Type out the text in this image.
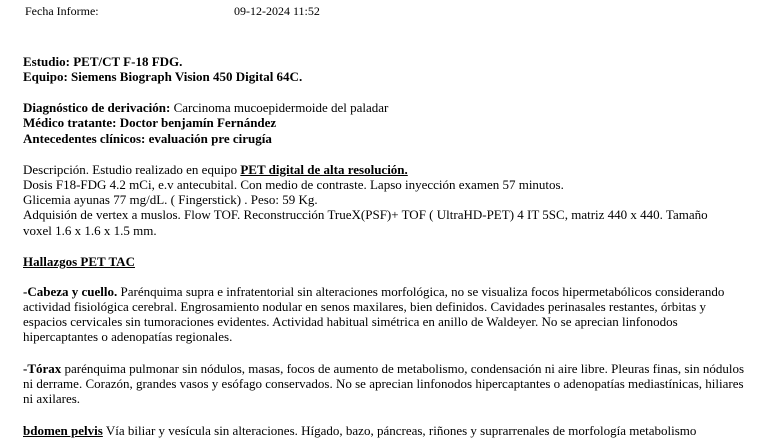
Fecha Informe:	09-12-2024 11:52
Estudio: PET/CT F-18 FDG.
Equipo: Siemens Biograph Vision 450 Digital 64C.
Diagnóstico de derivación: Carcinoma mucoepidermoide del paladar
Médico tratante: Doctor benjamín Fernández
Antecedentes clínicos: evaluación pre cirugía
Descripción. Estudio realizado en equipo PET digital de alta resolución.
Dosis F18-FDG 4.2 mCi, e.v antecubital. Con medio de contraste. Lapso inyección examen 57 minutos.
Glicemia ayunas 77 mg/dL. ( Fingerstick) . Peso: 59 Kg.
Adquisión de vertex a muslos. Flow TOF. Reconstrucción TrueX(PSF)+ TOF ( UltraHD-PET) 4 IT 5SC, matriz 440 x 440. Tamaño
voxel 1.6 x 1.6 x 1.5 mm.
Hallazgos PET TAC
-Cabeza y cuello. Parénquima supra e infratentorial sin alteraciones morfológica, no se visualiza focos hipermetabólicos considerando actividad fisiológica cerebral. Engrosamiento nodular en senos maxilares, bien definidos. Cavidades perinasales restantes, órbitas y espacios cervicales sin tumoraciones evidentes. Actividad habitual simétrica en anillo de Waldeyer. No se aprecian linfonodos hipercaptantes o adenopatías regionales.
-Tórax parénquima pulmonar sin nódulos, masas, focos de aumento de metabolismo, condensación ni aire libre. Pleuras finas, sin nódulos ni derrame. Corazón, grandes vasos y esófago conservados. No se aprecian linfonodos hipercaptantes o adenopatías mediastínicas, hiliares ni axilares.
bdomen pelvis Vía biliar y vesícula sin alteraciones. Hígado, bazo, páncreas, riñones y suprarrenales de morfología metabolismo
